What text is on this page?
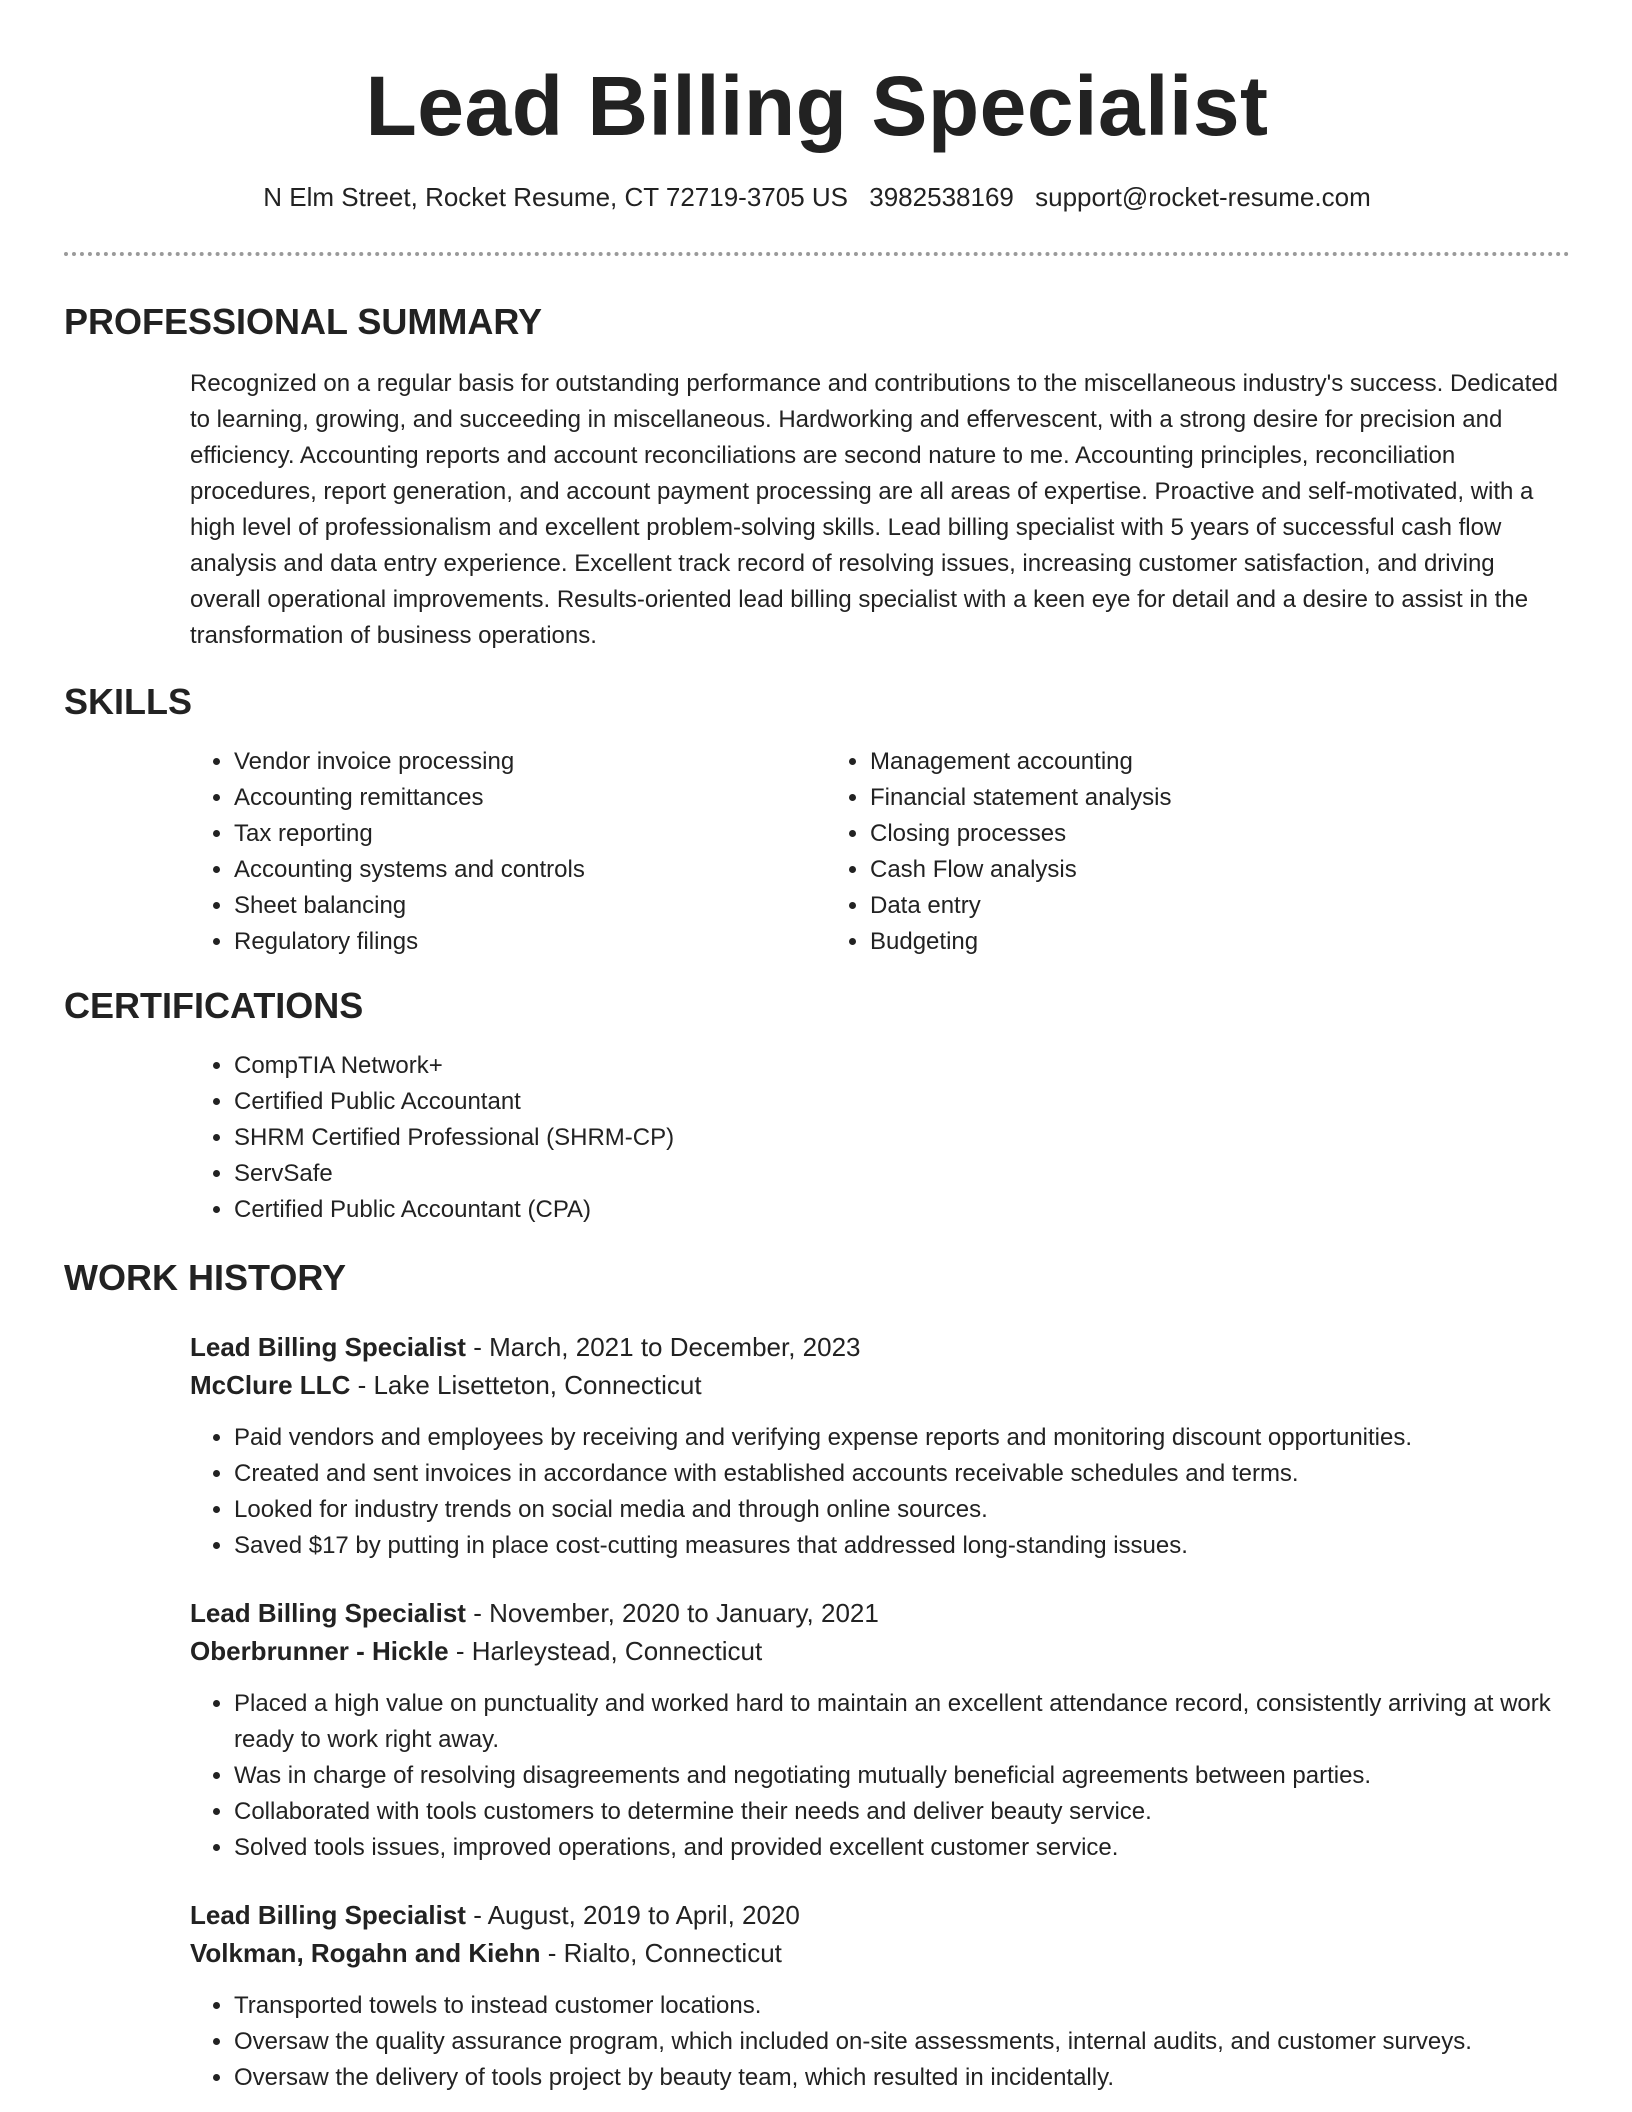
Lead Billing Specialist
N Elm Street, Rocket Resume, CT 72719-3705 US 3982538169 support@rocket-resume.com
PROFESSIONAL SUMMARY

Recognized on a regular basis for outstanding performance and contributions to the miscellaneous industry's success. Dedicated to learning, growing, and succeeding in miscellaneous. Hardworking and effervescent, with a strong desire for precision and efficiency. Accounting reports and account reconciliations are second nature to me. Accounting principles, reconciliation procedures, report generation, and account payment processing are all areas of expertise. Proactive and self-motivated, with a high level of professionalism and excellent problem-solving skills. Lead billing specialist with 5 years of successful cash flow analysis and data entry experience. Excellent track record of resolving issues, increasing customer satisfaction, and driving overall operational improvements. Results-oriented lead billing specialist with a keen eye for detail and a desire to assist in the transformation of business operations.

SKILLS
• Vendor invoice processing
• Accounting remittances
• Tax reporting
• Accounting systems and controls
• Sheet balancing
• Regulatory filings
• Management accounting
• Financial statement analysis
• Closing processes
• Cash Flow analysis
• Data entry
• Budgeting
CERTIFICATIONS
• CompTIA Network+
• Certified Public Accountant
• SHRM Certified Professional (SHRM-CP)
• ServSafe
• Certified Public Accountant (CPA)
WORK HISTORY
Lead Billing Specialist - March, 2021 to December, 2023
McClure LLC - Lake Lisetteton, Connecticut
• Paid vendors and employees by receiving and verifying expense reports and monitoring discount opportunities.
• Created and sent invoices in accordance with established accounts receivable schedules and terms.
• Looked for industry trends on social media and through online sources.
• Saved $17 by putting in place cost-cutting measures that addressed long-standing issues.
Lead Billing Specialist - November, 2020 to January, 2021
Oberbrunner - Hickle - Harleystead, Connecticut
• Placed a high value on punctuality and worked hard to maintain an excellent attendance record, consistently arriving at work ready to work right away.
• Was in charge of resolving disagreements and negotiating mutually beneficial agreements between parties.
• Collaborated with tools customers to determine their needs and deliver beauty service.
• Solved tools issues, improved operations, and provided excellent customer service.
Lead Billing Specialist - August, 2019 to April, 2020
Volkman, Rogahn and Kiehn - Rialto, Connecticut
• Transported towels to instead customer locations.
• Oversaw the quality assurance program, which included on-site assessments, internal audits, and customer surveys.
• Oversaw the delivery of tools project by beauty team, which resulted in incidentally.
